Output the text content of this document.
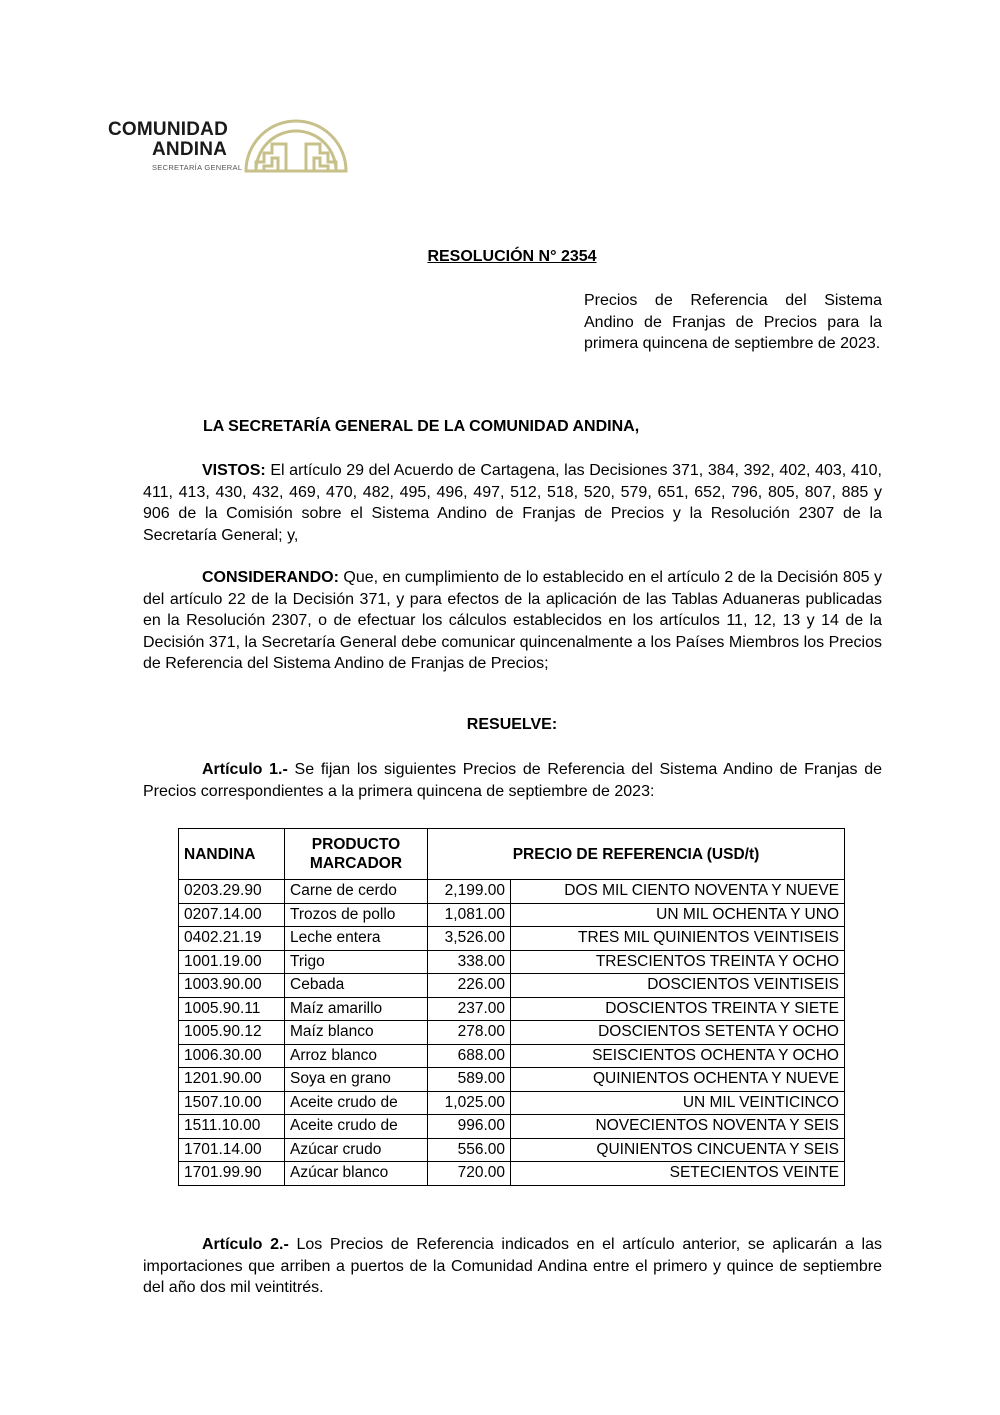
COMUNIDAD
ANDINA
SECRETARÍA GENERAL
RESOLUCIÓN N° 2354
Precios de Referencia del Sistema Andino de Franjas de Precios para la primera quincena de septiembre de 2023.
LA SECRETARÍA GENERAL DE LA COMUNIDAD ANDINA,
VISTOS: El artículo 29 del Acuerdo de Cartagena, las Decisiones 371, 384, 392, 402, 403, 410, 411, 413, 430, 432, 469, 470, 482, 495, 496, 497, 512, 518, 520, 579, 651, 652, 796, 805, 807, 885 y 906 de la Comisión sobre el Sistema Andino de Franjas de Precios y la Resolución 2307 de la Secretaría General; y,
CONSIDERANDO: Que, en cumplimiento de lo establecido en el artículo 2 de la Decisión 805 y del artículo 22 de la Decisión 371, y para efectos de la aplicación de las Tablas Aduaneras publicadas en la Resolución 2307, o de efectuar los cálculos establecidos en los artículos 11, 12, 13 y 14 de la Decisión 371, la Secretaría General debe comunicar quincenalmente a los Países Miembros los Precios de Referencia del Sistema Andino de Franjas de Precios;
RESUELVE:
Artículo 1.- Se fijan los siguientes Precios de Referencia del Sistema Andino de Franjas de Precios correspondientes a la primera quincena de septiembre de 2023:
NANDINA	PRODUCTO MARCADOR	PRECIO DE REFERENCIA (USD/t)	
0203.29.90	Carne de cerdo	2,199.00	DOS MIL CIENTO NOVENTA Y NUEVE
0207.14.00	Trozos de pollo	1,081.00	UN MIL OCHENTA Y UNO
0402.21.19	Leche entera	3,526.00	TRES MIL QUINIENTOS VEINTISEIS
1001.19.00	Trigo	338.00	TRESCIENTOS TREINTA Y OCHO
1003.90.00	Cebada	226.00	DOSCIENTOS VEINTISEIS
1005.90.11	Maíz amarillo	237.00	DOSCIENTOS TREINTA Y SIETE
1005.90.12	Maíz blanco	278.00	DOSCIENTOS SETENTA Y OCHO
1006.30.00	Arroz blanco	688.00	SEISCIENTOS OCHENTA Y OCHO
1201.90.00	Soya en grano	589.00	QUINIENTOS OCHENTA Y NUEVE
1507.10.00	Aceite crudo de	1,025.00	UN MIL VEINTICINCO
1511.10.00	Aceite crudo de	996.00	NOVECIENTOS NOVENTA Y SEIS
1701.14.00	Azúcar crudo	556.00	QUINIENTOS CINCUENTA Y SEIS
1701.99.90	Azúcar blanco	720.00	SETECIENTOS VEINTE
Artículo 2.- Los Precios de Referencia indicados en el artículo anterior, se aplicarán a las importaciones que arriben a puertos de la Comunidad Andina entre el primero y quince de septiembre del año dos mil veintitrés.
